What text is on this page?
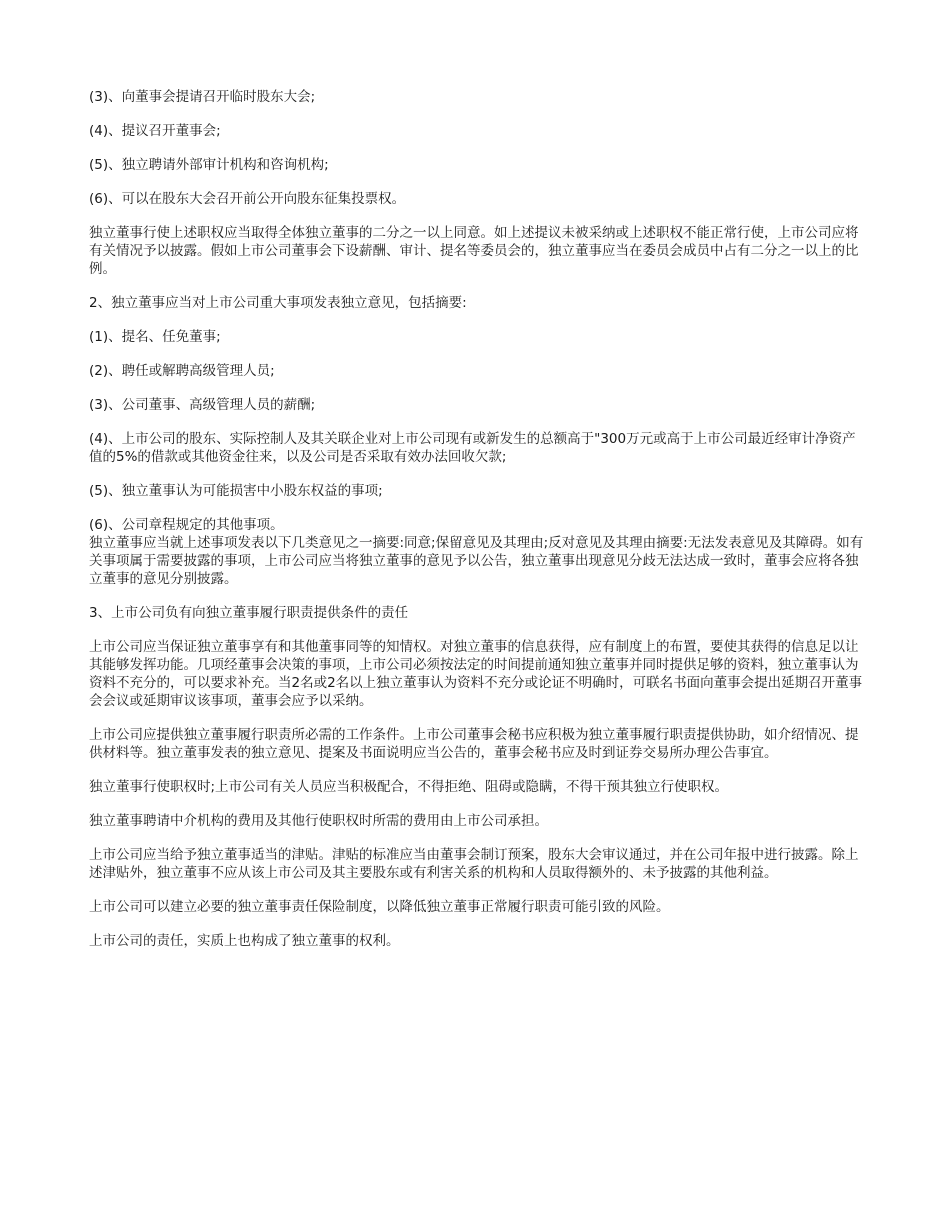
(3)、向董事会提请召开临时股东大会;

(4)、提议召开董事会;

(5)、独立聘请外部审计机构和咨询机构;

(6)、可以在股东大会召开前公开向股东征集投票权。

独立董事行使上述职权应当取得全体独立董事的二分之一以上同意。如上述提议未被采纳或上述职权不能正常行使，上市公司应将有关情况予以披露。假如上市公司董事会下设薪酬、审计、提名等委员会的，独立董事应当在委员会成员中占有二分之一以上的比例。

2、独立董事应当对上市公司重大事项发表独立意见，包括摘要:

(1)、提名、任免董事;

(2)、聘任或解聘高级管理人员;

(3)、公司董事、高级管理人员的薪酬;

(4)、上市公司的股东、实际控制人及其关联企业对上市公司现有或新发生的总额高于"300万元或高于上市公司最近经审计净资产值的5%的借款或其他资金往来，以及公司是否采取有效办法回收欠款;

(5)、独立董事认为可能损害中小股东权益的事项;

(6)、公司章程规定的其他事项。

独立董事应当就上述事项发表以下几类意见之一摘要:同意;保留意见及其理由;反对意见及其理由摘要:无法发表意见及其障碍。如有关事项属于需要披露的事项，上市公司应当将独立董事的意见予以公告，独立董事出现意见分歧无法达成一致时，董事会应将各独立董事的意见分别披露。

3、上市公司负有向独立董事履行职责提供条件的责任

上市公司应当保证独立董事享有和其他董事同等的知情权。对独立董事的信息获得，应有制度上的布置，要使其获得的信息足以让其能够发挥功能。几项经董事会决策的事项，上市公司必须按法定的时间提前通知独立董事并同时提供足够的资料，独立董事认为资料不充分的，可以要求补充。当2名或2名以上独立董事认为资料不充分或论证不明确时，可联名书面向董事会提出延期召开董事会会议或延期审议该事项，董事会应予以采纳。

上市公司应提供独立董事履行职责所必需的工作条件。上市公司董事会秘书应积极为独立董事履行职责提供协助，如介绍情况、提供材料等。独立董事发表的独立意见、提案及书面说明应当公告的，董事会秘书应及时到证券交易所办理公告事宜。

独立董事行使职权时;上市公司有关人员应当积极配合，不得拒绝、阻碍或隐瞒，不得干预其独立行使职权。

独立董事聘请中介机构的费用及其他行使职权时所需的费用由上市公司承担。

上市公司应当给予独立董事适当的津贴。津贴的标准应当由董事会制订预案，股东大会审议通过，并在公司年报中进行披露。除上述津贴外，独立董事不应从该上市公司及其主要股东或有利害关系的机构和人员取得额外的、未予披露的其他利益。

上市公司可以建立必要的独立董事责任保险制度，以降低独立董事正常履行职责可能引致的风险。

上市公司的责任，实质上也构成了独立董事的权利。
